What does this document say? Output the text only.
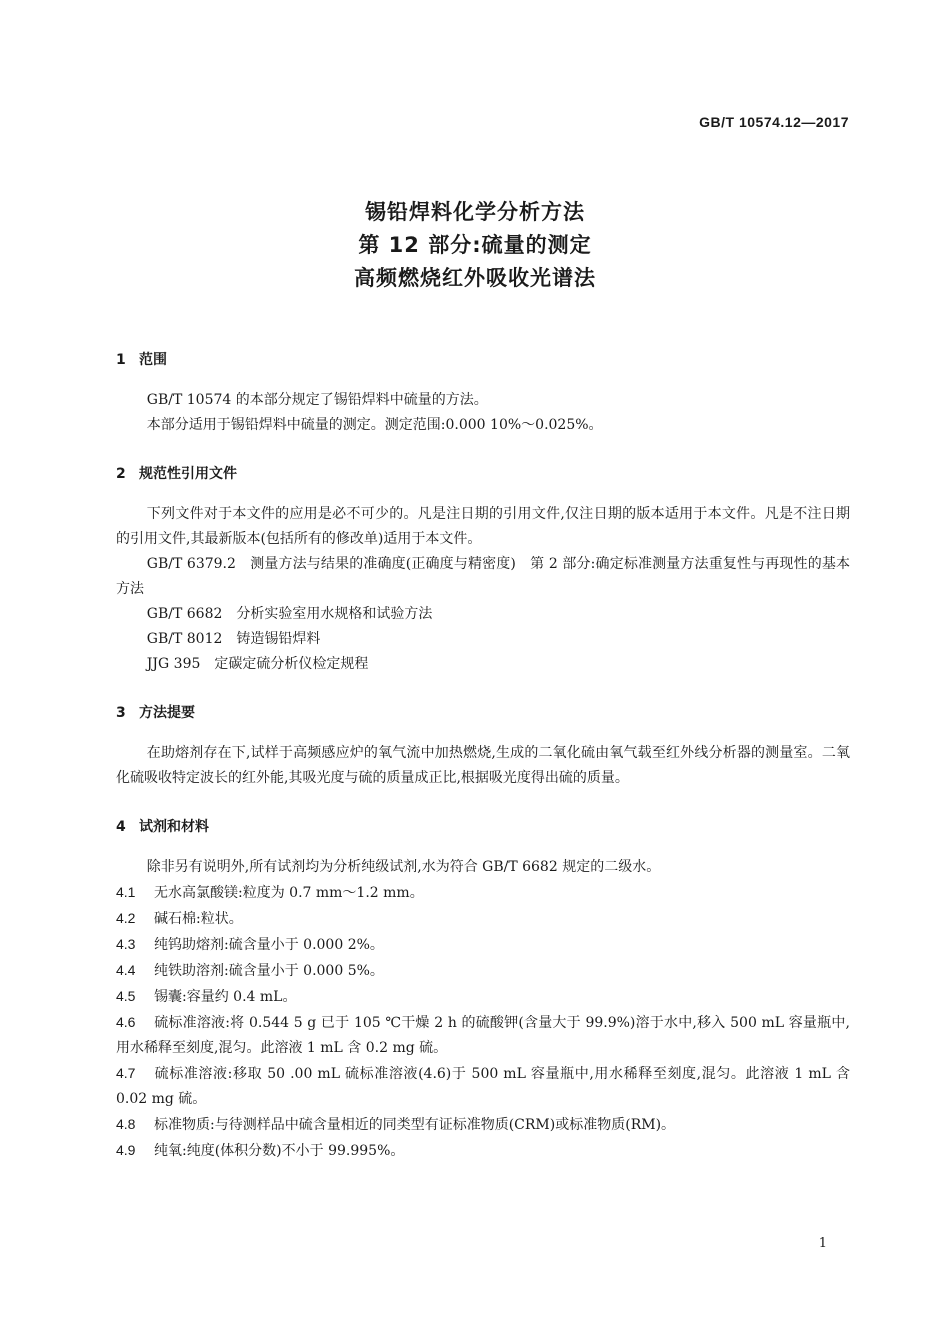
GB/T 10574.12—2017
锡铅焊料化学分析方法
第 12 部分:硫量的测定
高频燃烧红外吸收光谱法
1 范围

GB/T 10574 的本部分规定了锡铅焊料中硫量的方法。

本部分适用于锡铅焊料中硫量的测定。测定范围:0.000 10%～0.025%。

2 规范性引用文件

下列文件对于本文件的应用是必不可少的。凡是注日期的引用文件,仅注日期的版本适用于本文件。凡是不注日期的引用文件,其最新版本(包括所有的修改单)适用于本文件。

GB/T 6379.2　 测量方法与结果的准确度(正确度与精密度)　第 2 部分:确定标准测量方法重复性与再现性的基本方法

GB/T 6682　 分析实验室用水规格和试验方法

GB/T 8012　 铸造锡铅焊料

JJG 395　 定碳定硫分析仪检定规程

3 方法提要

在助熔剂存在下,试样于高频感应炉的氧气流中加热燃烧,生成的二氧化硫由氧气载至红外线分析器的测量室。二氧化硫吸收特定波长的红外能,其吸光度与硫的质量成正比,根据吸光度得出硫的质量。

4 试剂和材料

除非另有说明外,所有试剂均为分析纯级试剂,水为符合 GB/T 6682 规定的二级水。

4.1 无水高氯酸镁:粒度为 0.7 mm～1.2 mm。

4.2 碱石棉:粒状。

4.3 纯钨助熔剂:硫含量小于 0.000 2%。

4.4 纯铁助溶剂:硫含量小于 0.000 5%。

4.5 锡囊:容量约 0.4 mL。

4.6 硫标准溶液:将 0.544 5 g 已于 105 ℃干燥 2 h 的硫酸钾(含量大于 99.9%)溶于水中,移入 500 mL 容量瓶中,用水稀释至刻度,混匀。此溶液 1 mL 含 0.2 mg 硫。

4.7 硫标准溶液:移取 50 .00 mL 硫标准溶液(4.6)于 500 mL 容量瓶中,用水稀释至刻度,混匀。此溶液 1 mL 含 0.02 mg 硫。

4.8 标准物质:与待测样品中硫含量相近的同类型有证标准物质(CRM)或标准物质(RM)。

4.9 纯氧:纯度(体积分数)不小于 99.995%。

1
